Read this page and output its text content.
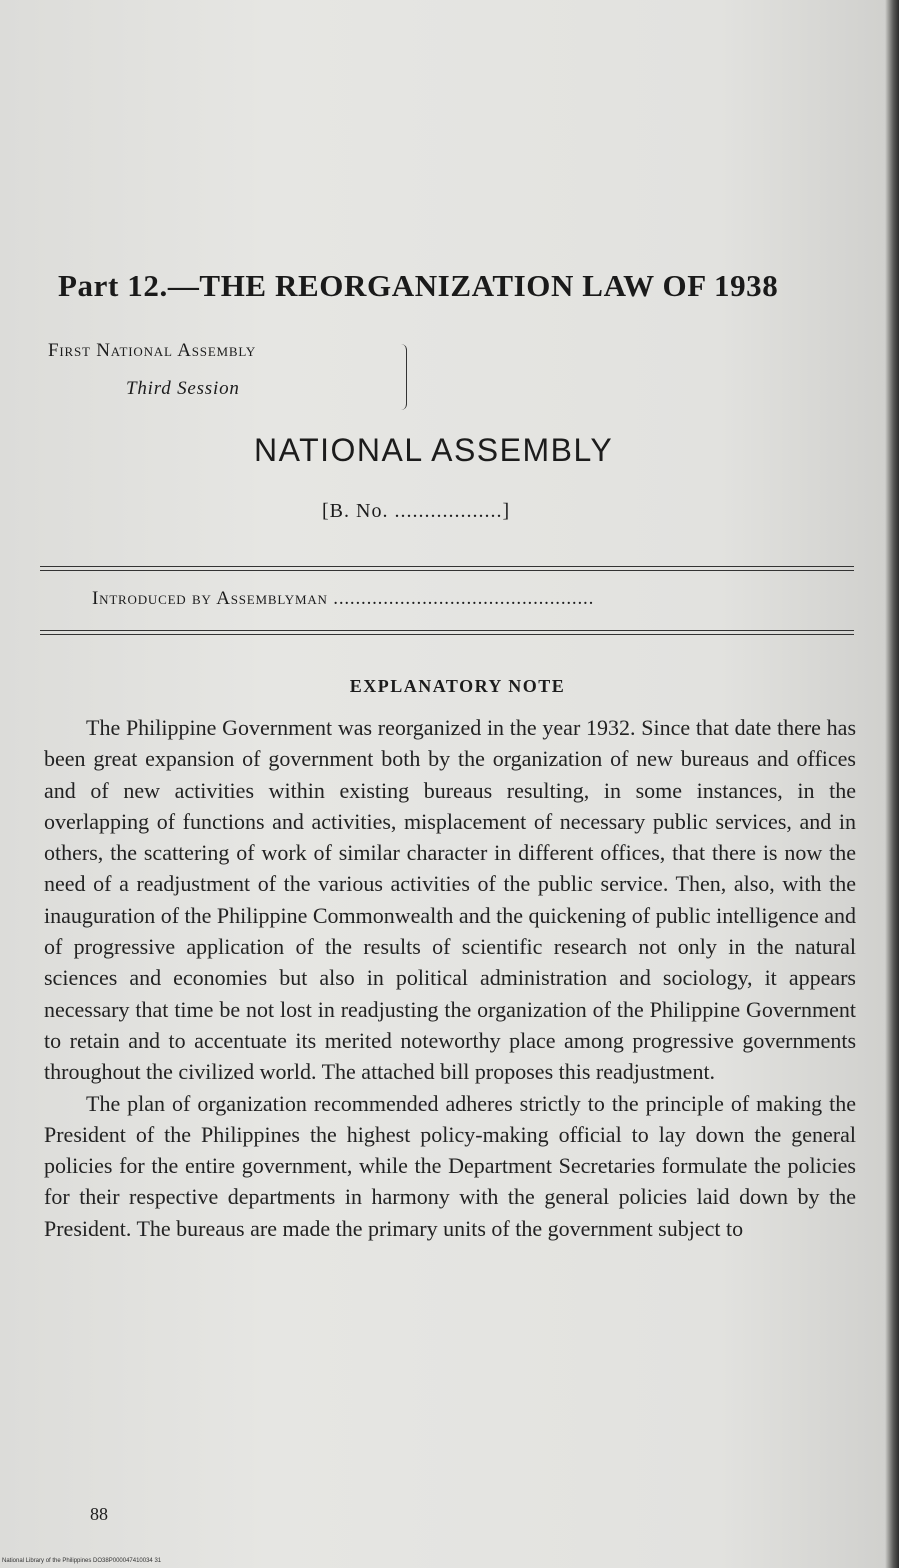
Part 12.—THE REORGANIZATION LAW OF 1938
First National Assembly
Third Session
NATIONAL ASSEMBLY
[B. No. ..................]
Introduced by Assemblyman ...............................................
EXPLANATORY NOTE

The Philippine Government was reorganized in the year 1932. Since that date there has been great expansion of government both by the organization of new bureaus and offices and of new activities within existing bureaus resulting, in some instances, in the overlapping of functions and activities, misplacement of necessary public services, and in others, the scattering of work of similar character in different offices, that there is now the need of a readjustment of the various activities of the public service. Then, also, with the inauguration of the Philippine Commonwealth and the quickening of public intelligence and of progressive application of the results of scientific research not only in the natural sciences and economies but also in political administration and sociology, it appears necessary that time be not lost in readjusting the organization of the Philippine Government to retain and to accentuate its merited noteworthy place among progressive governments throughout the civilized world. The attached bill proposes this readjustment.

The plan of organization recommended adheres strictly to the principle of making the President of the Philippines the highest policy-making official to lay down the general policies for the entire government, while the Department Secretaries formulate the policies for their respective departments in harmony with the general policies laid down by the President. The bureaus are made the primary units of the government subject to

88
National Library of the Philippines DO38P000047410034 31
